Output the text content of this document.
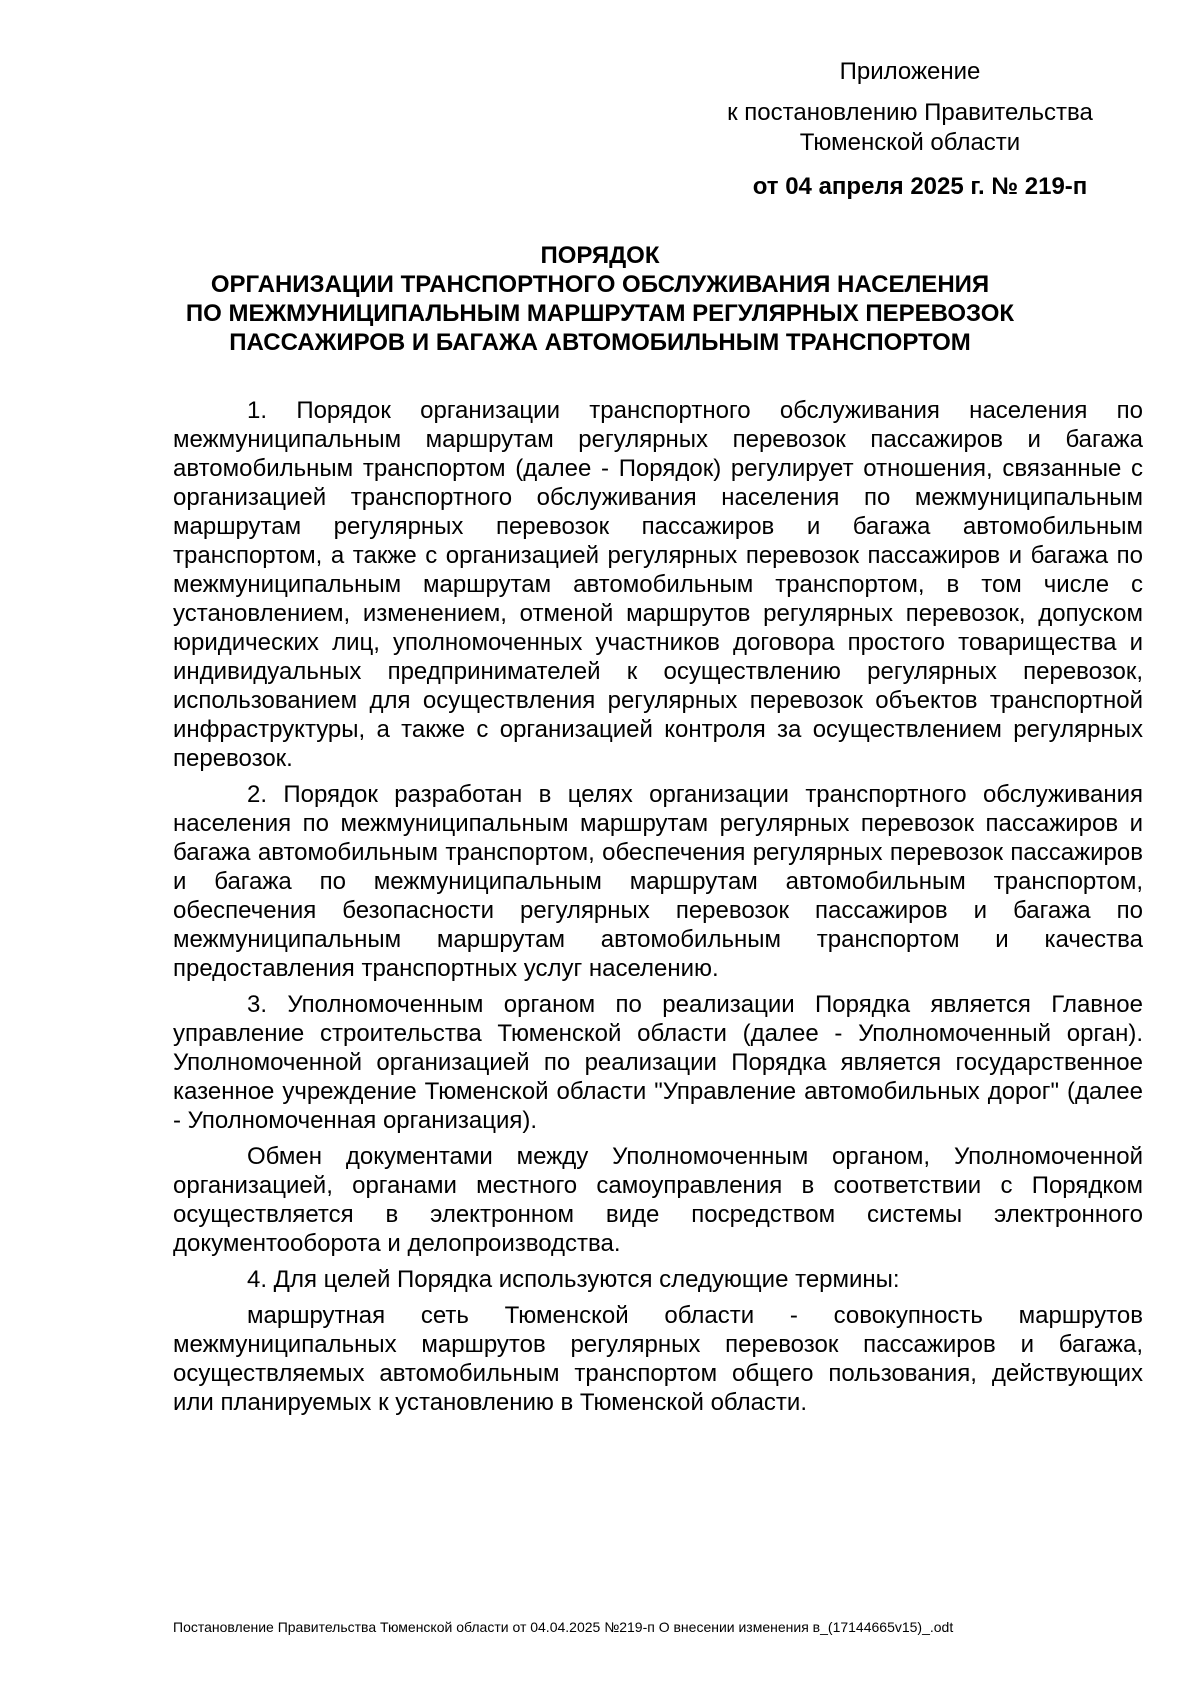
Приложение
к постановлению Правительства
Тюменской области
от 04 апреля 2025 г. № 219-п
ПОРЯДОК
ОРГАНИЗАЦИИ ТРАНСПОРТНОГО ОБСЛУЖИВАНИЯ НАСЕЛЕНИЯ
ПО МЕЖМУНИЦИПАЛЬНЫМ МАРШРУТАМ РЕГУЛЯРНЫХ ПЕРЕВОЗОК
ПАССАЖИРОВ И БАГАЖА АВТОМОБИЛЬНЫМ ТРАНСПОРТОМ

1. Порядок организации транспортного обслуживания населения по межмуниципальным маршрутам регулярных перевозок пассажиров и багажа автомобильным транспортом (далее - Порядок) регулирует отношения, связанные с организацией транспортного обслуживания населения по межмуниципальным маршрутам регулярных перевозок пассажиров и багажа автомобильным транспортом, а также с организацией регулярных перевозок пассажиров и багажа по межмуниципальным маршрутам автомобильным транспортом, в том числе с установлением, изменением, отменой маршрутов регулярных перевозок, допуском юридических лиц, уполномоченных участников договора простого товарищества и индивидуальных предпринимателей к осуществлению регулярных перевозок, использованием для осуществления регулярных перевозок объектов транспортной инфраструктуры, а также с организацией контроля за осуществлением регулярных перевозок.

2. Порядок разработан в целях организации транспортного обслуживания населения по межмуниципальным маршрутам регулярных перевозок пассажиров и багажа автомобильным транспортом, обеспечения регулярных перевозок пассажиров и багажа по межмуниципальным маршрутам автомобильным транспортом, обеспечения безопасности регулярных перевозок пассажиров и багажа по межмуниципальным маршрутам автомобильным транспортом и качества предоставления транспортных услуг населению.

3. Уполномоченным органом по реализации Порядка является Главное управление строительства Тюменской области (далее - Уполномоченный орган). Уполномоченной организацией по реализации Порядка является государственное казенное учреждение Тюменской области "Управление автомобильных дорог" (далее - Уполномоченная организация).

Обмен документами между Уполномоченным органом, Уполномоченной организацией, органами местного самоуправления в соответствии с Порядком осуществляется в электронном виде посредством системы электронного документооборота и делопроизводства.

4. Для целей Порядка используются следующие термины:

маршрутная сеть Тюменской области - совокупность маршрутов межмуниципальных маршрутов регулярных перевозок пассажиров и багажа, осуществляемых автомобильным транспортом общего пользования, действующих или планируемых к установлению в Тюменской области.

Постановление Правительства Тюменской области от 04.04.2025 №219-п О внесении изменения в_(17144665v15)_.odt
